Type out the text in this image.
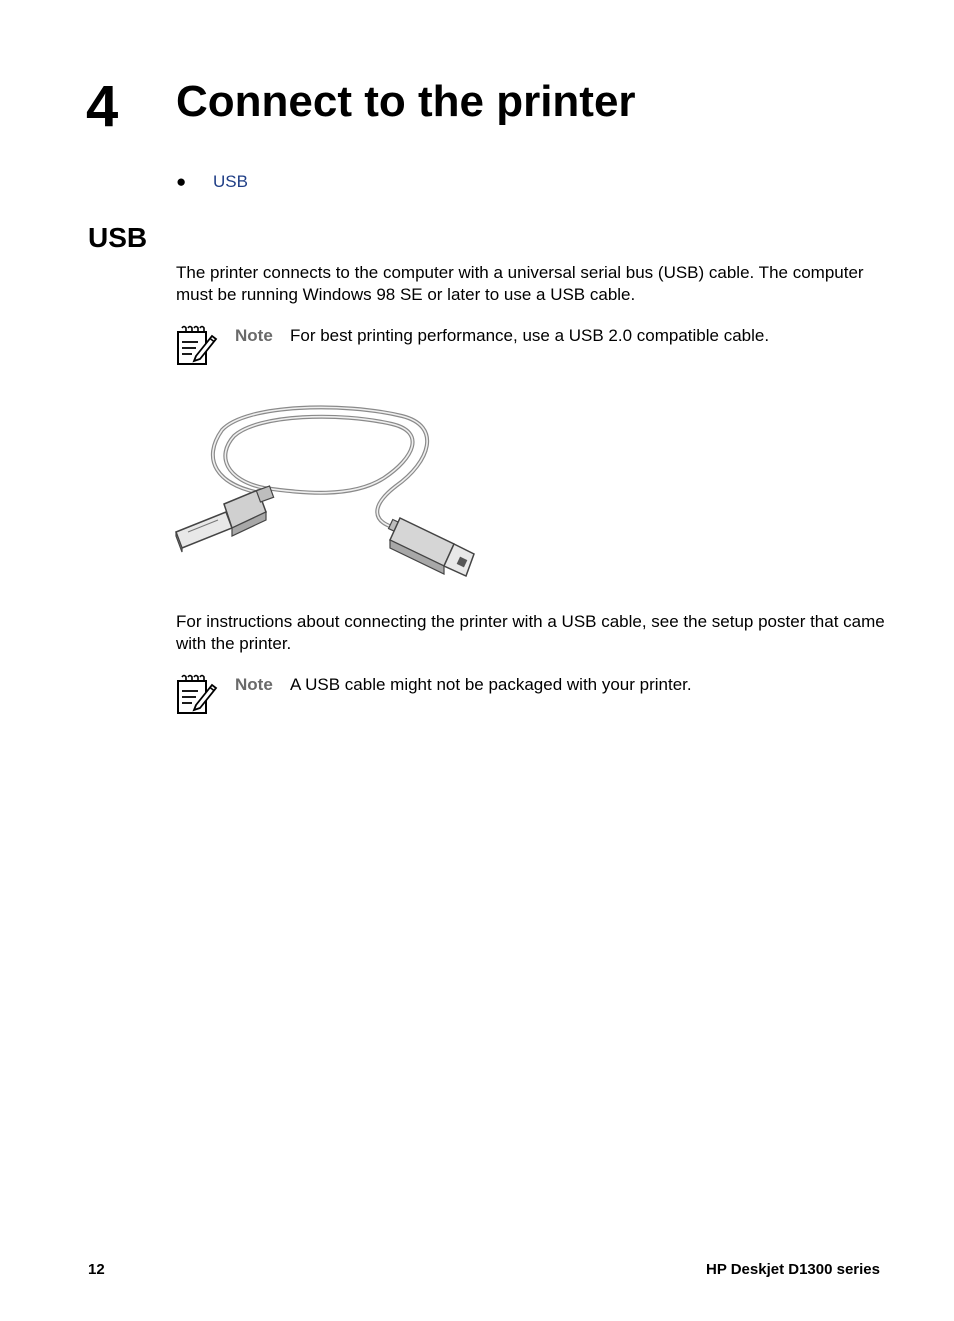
4 Connect to the printer
● USB
USB
The printer connects to the computer with a universal serial bus (USB) cable. The computer must be running Windows 98 SE or later to use a USB cable.
Note For best printing performance, use a USB 2.0 compatible cable.
For instructions about connecting the printer with a USB cable, see the setup poster that came with the printer.
Note A USB cable might not be packaged with your printer.
12	HP Deskjet D1300 series
